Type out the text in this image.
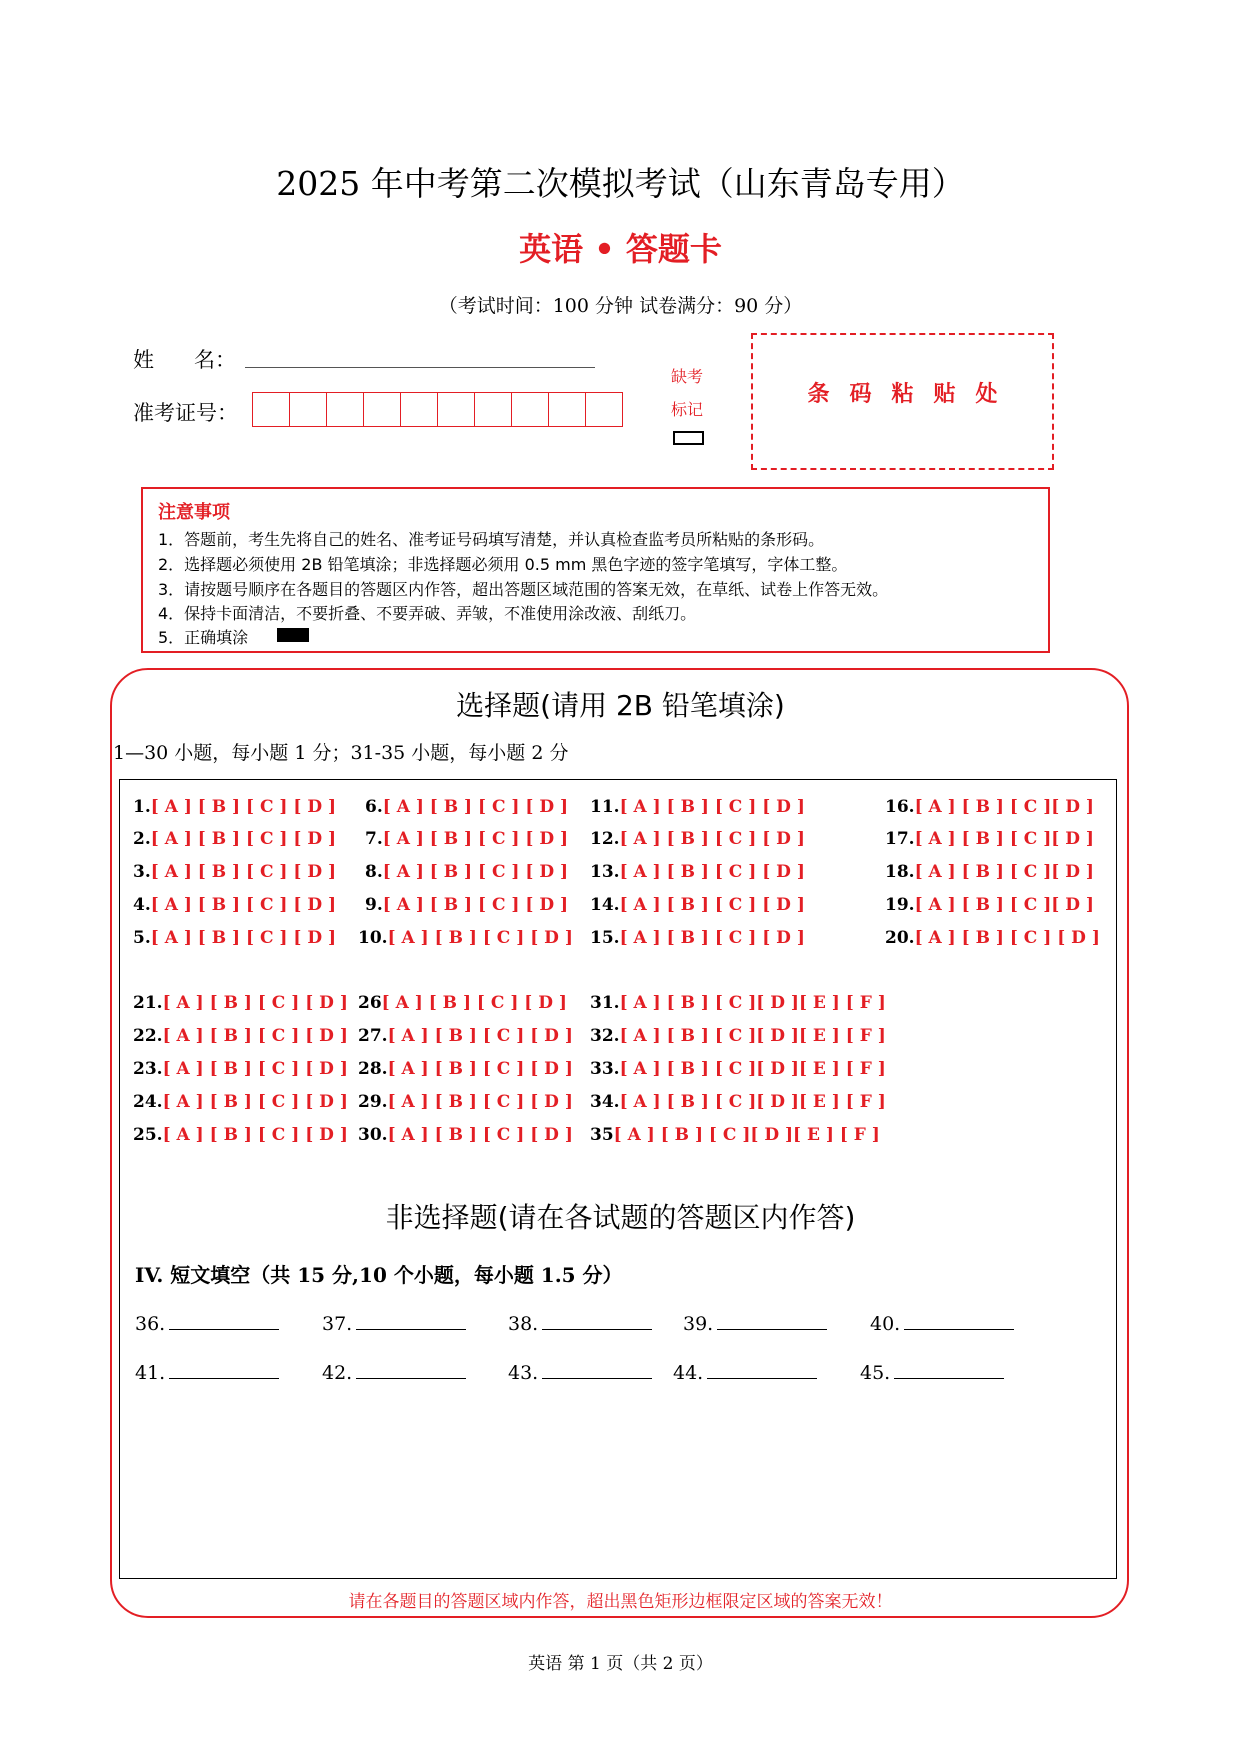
2025 年中考第二次模拟考试（山东青岛专用）
英语 • 答题卡
（考试时间：100 分钟 试卷满分：90 分）
姓      名：
准考证号：
缺考
标记
条码粘贴处
注意事项
1．答题前，考生先将自己的姓名、准考证号码填写清楚，并认真检查监考员所粘贴的条形码。
2．选择题必须使用 2B 铅笔填涂；非选择题必须用 0.5 mm 黑色字迹的签字笔填写，字体工整。
3．请按题号顺序在各题目的答题区内作答，超出答题区域范围的答案无效，在草纸、试卷上作答无效。
4．保持卡面清洁，不要折叠、不要弄破、弄皱，不准使用涂改液、刮纸刀。
5．正确填涂
选择题(请用 2B 铅笔填涂)
1—30 小题，每小题 1 分；31-35 小题，每小题 2 分
1.[ A ] [ B ] [ C ] [ D ]
2.[ A ] [ B ] [ C ] [ D ]
3.[ A ] [ B ] [ C ] [ D ]
4.[ A ] [ B ] [ C ] [ D ]
5.[ A ] [ B ] [ C ] [ D ]
6.[ A ] [ B ] [ C ] [ D ]
7.[ A ] [ B ] [ C ] [ D ]
8.[ A ] [ B ] [ C ] [ D ]
9.[ A ] [ B ] [ C ] [ D ]
10.[ A ] [ B ] [ C ] [ D ]
11.[ A ] [ B ] [ C ] [ D ]
12.[ A ] [ B ] [ C ] [ D ]
13.[ A ] [ B ] [ C ] [ D ]
14.[ A ] [ B ] [ C ] [ D ]
15.[ A ] [ B ] [ C ] [ D ]
16.[ A ] [ B ] [ C ][ D ]
17.[ A ] [ B ] [ C ][ D ]
18.[ A ] [ B ] [ C ][ D ]
19.[ A ] [ B ] [ C ][ D ]
20.[ A ] [ B ] [ C ] [ D ]
21.[ A ] [ B ] [ C ] [ D ]
22.[ A ] [ B ] [ C ] [ D ]
23.[ A ] [ B ] [ C ] [ D ]
24.[ A ] [ B ] [ C ] [ D ]
25.[ A ] [ B ] [ C ] [ D ]
26[ A ] [ B ] [ C ] [ D ]
27.[ A ] [ B ] [ C ] [ D ]
28.[ A ] [ B ] [ C ] [ D ]
29.[ A ] [ B ] [ C ] [ D ]
30.[ A ] [ B ] [ C ] [ D ]
31.[ A ] [ B ] [ C ][ D ][ E ] [ F ]
32.[ A ] [ B ] [ C ][ D ][ E ] [ F ]
33.[ A ] [ B ] [ C ][ D ][ E ] [ F ]
34.[ A ] [ B ] [ C ][ D ][ E ] [ F ]
35[ A ] [ B ] [ C ][ D ][ E ] [ F ]
非选择题(请在各试题的答题区内作答)
IV. 短文填空（共 15 分,10 个小题，每小题 1.5 分）
36.	37.	38.	39.	40.
41.	42.	43.	44.	45.
请在各题目的答题区域内作答，超出黑色矩形边框限定区域的答案无效！
英语 第 1 页（共 2 页）
